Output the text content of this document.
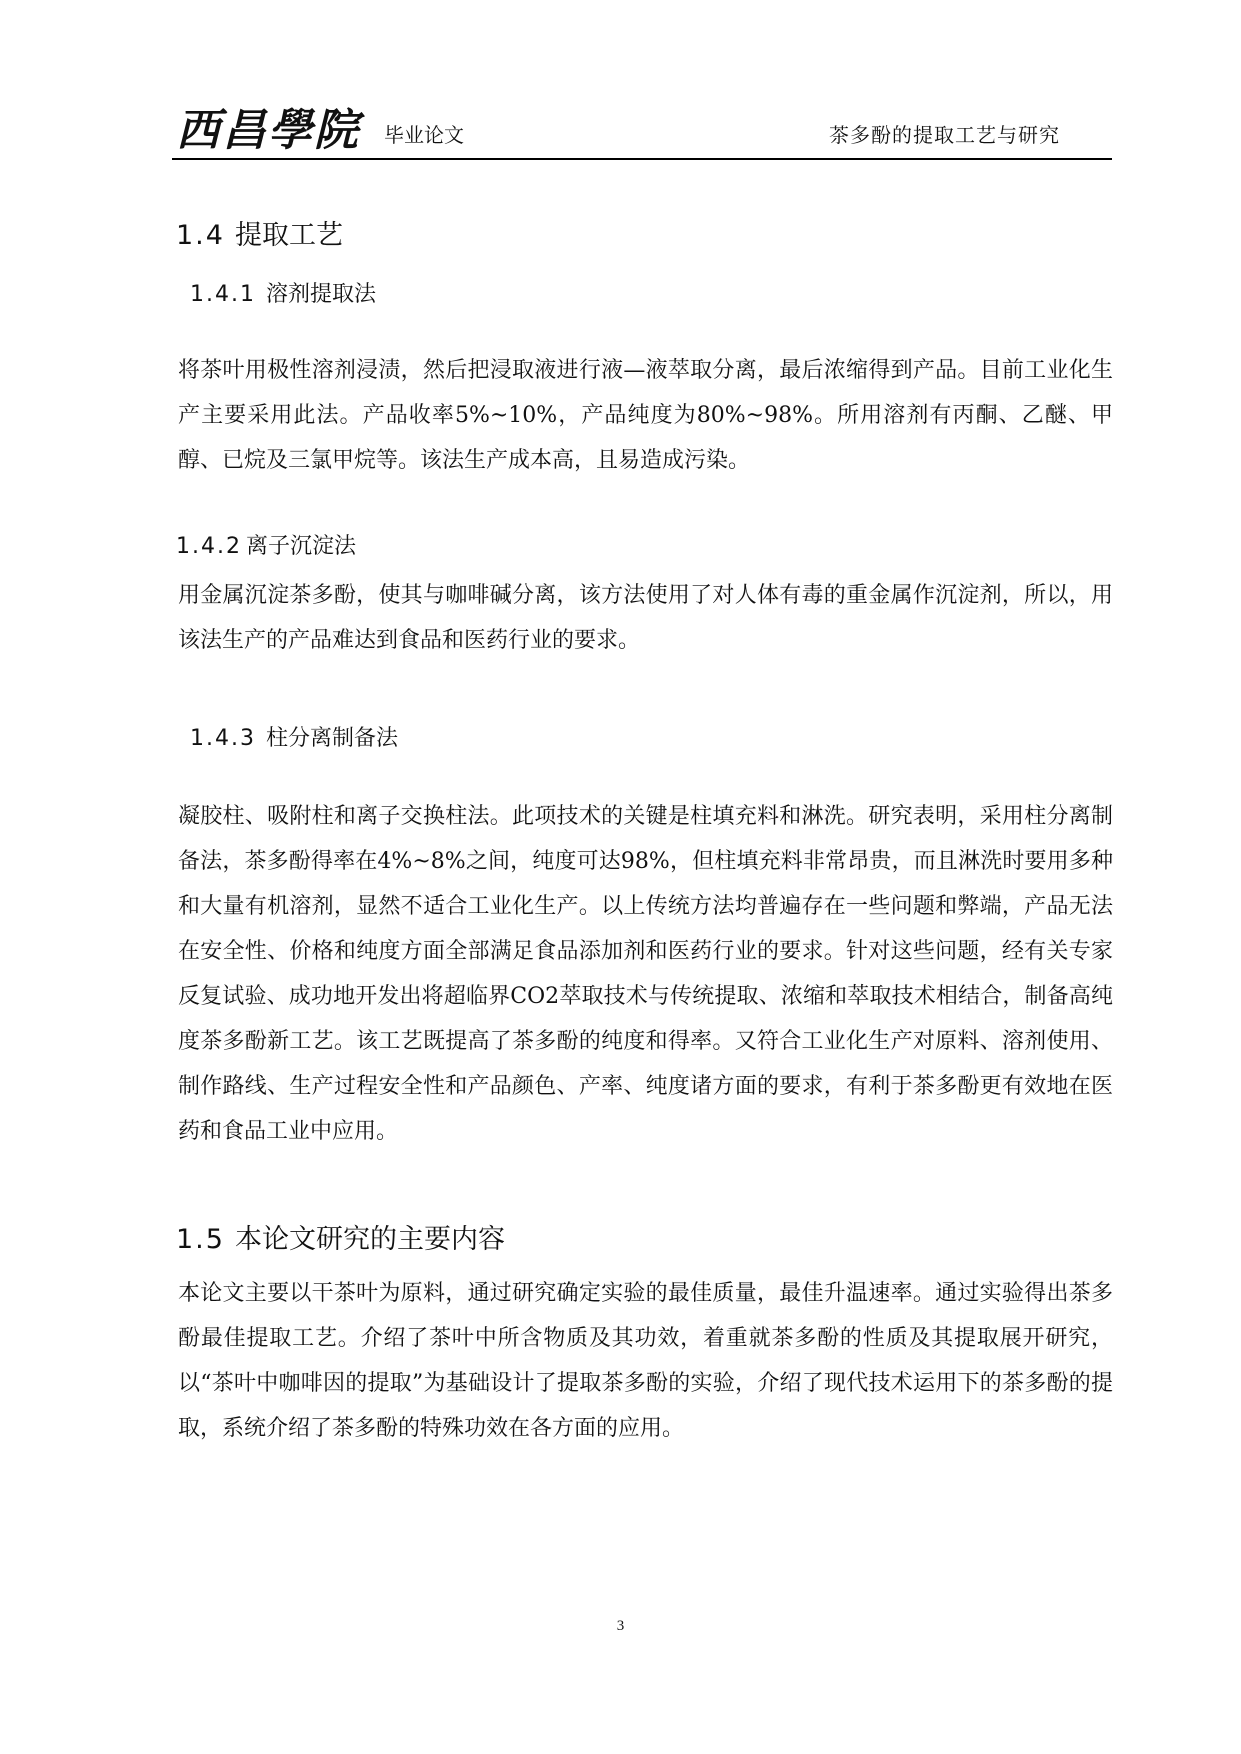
西昌學院 毕业论文	茶多酚的提取工艺与研究
1.4 提取工艺
1.4.1 溶剂提取法
将茶叶用极性溶剂浸渍，然后把浸取液进行液—液萃取分离，最后浓缩得到产品。目前工业化生产主要采用此法。产品收率5%~10%，产品纯度为80%~98%。所用溶剂有丙酮、乙醚、甲醇、已烷及三氯甲烷等。该法生产成本高，且易造成污染。
1.4.2 离子沉淀法
用金属沉淀茶多酚，使其与咖啡碱分离，该方法使用了对人体有毒的重金属作沉淀剂，所以，用该法生产的产品难达到食品和医药行业的要求。
1.4.3 柱分离制备法
凝胶柱、吸附柱和离子交换柱法。此项技术的关键是柱填充料和淋洗。研究表明，采用柱分离制备法，茶多酚得率在4%~8%之间，纯度可达98%，但柱填充料非常昂贵，而且淋洗时要用多种和大量有机溶剂，显然不适合工业化生产。以上传统方法均普遍存在一些问题和弊端，产品无法在安全性、价格和纯度方面全部满足食品添加剂和医药行业的要求。针对这些问题，经有关专家反复试验、成功地开发出将超临界CO2萃取技术与传统提取、浓缩和萃取技术相结合，制备高纯度茶多酚新工艺。该工艺既提高了茶多酚的纯度和得率。又符合工业化生产对原料、溶剂使用、制作路线、生产过程安全性和产品颜色、产率、纯度诸方面的要求，有利于茶多酚更有效地在医药和食品工业中应用。
1.5 本论文研究的主要内容
本论文主要以干茶叶为原料，通过研究确定实验的最佳质量，最佳升温速率。通过实验得出茶多酚最佳提取工艺。介绍了茶叶中所含物质及其功效，着重就茶多酚的性质及其提取展开研究，以“茶叶中咖啡因的提取”为基础设计了提取茶多酚的实验，介绍了现代技术运用下的茶多酚的提取，系统介绍了茶多酚的特殊功效在各方面的应用。
3
